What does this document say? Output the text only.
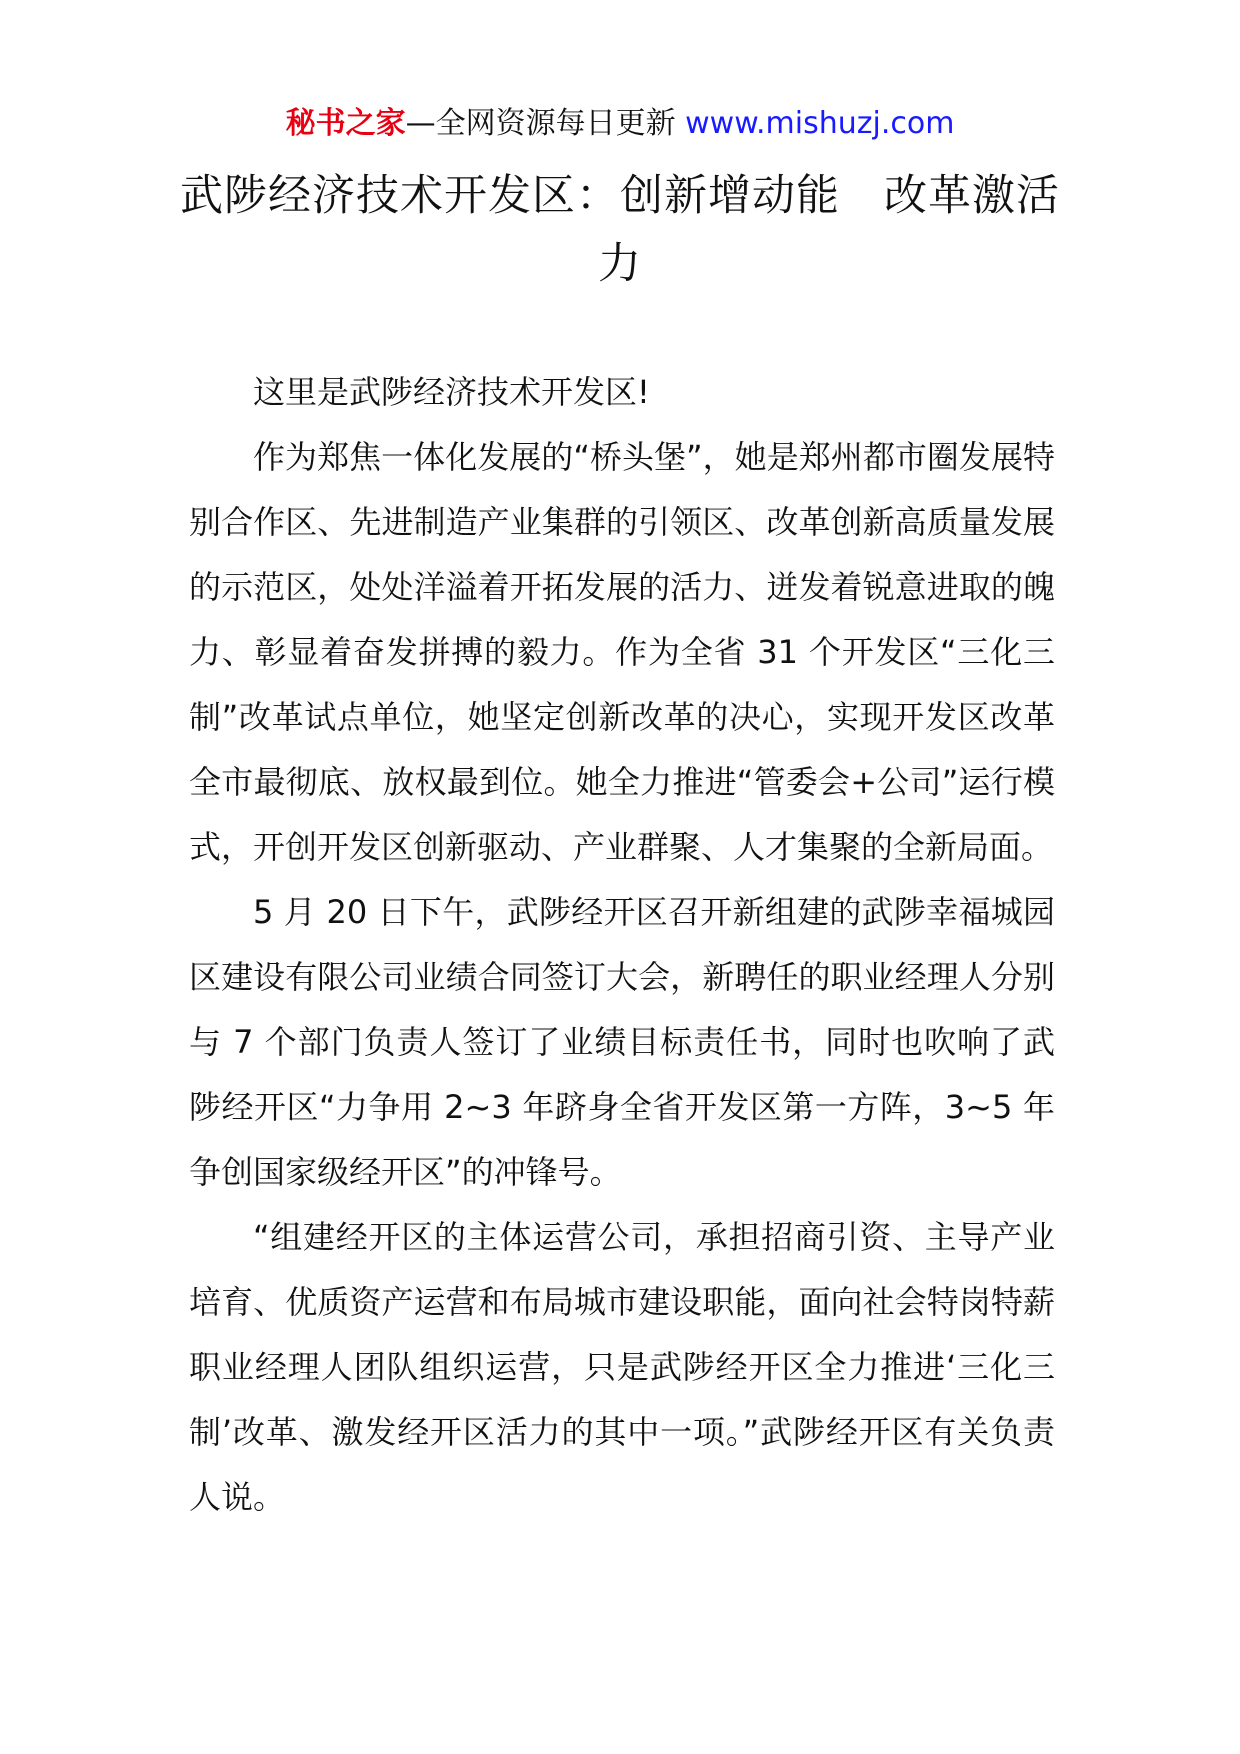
秘书之家—全网资源每日更新 www.mishuzj.com
武陟经济技术开发区：创新增动能　改革激活力

这里是武陟经济技术开发区!

作为郑焦一体化发展的“桥头堡”，她是郑州都市圈发展特别合作区、先进制造产业集群的引领区、改革创新高质量发展的示范区，处处洋溢着开拓发展的活力、迸发着锐意进取的魄力、彰显着奋发拼搏的毅力。作为全省 31 个开发区“三化三制”改革试点单位，她坚定创新改革的决心，实现开发区改革全市最彻底、放权最到位。她全力推进“管委会+公司”运行模式，开创开发区创新驱动、产业群聚、人才集聚的全新局面。

5 月 20 日下午，武陟经开区召开新组建的武陟幸福城园区建设有限公司业绩合同签订大会，新聘任的职业经理人分别与 7 个部门负责人签订了业绩目标责任书，同时也吹响了武陟经开区“力争用 2~3 年跻身全省开发区第一方阵，3~5 年争创国家级经开区”的冲锋号。

“组建经开区的主体运营公司，承担招商引资、主导产业培育、优质资产运营和布局城市建设职能，面向社会特岗特薪职业经理人团队组织运营，只是武陟经开区全力推进‘三化三制’改革、激发经开区活力的其中一项。”武陟经开区有关负责人说。
